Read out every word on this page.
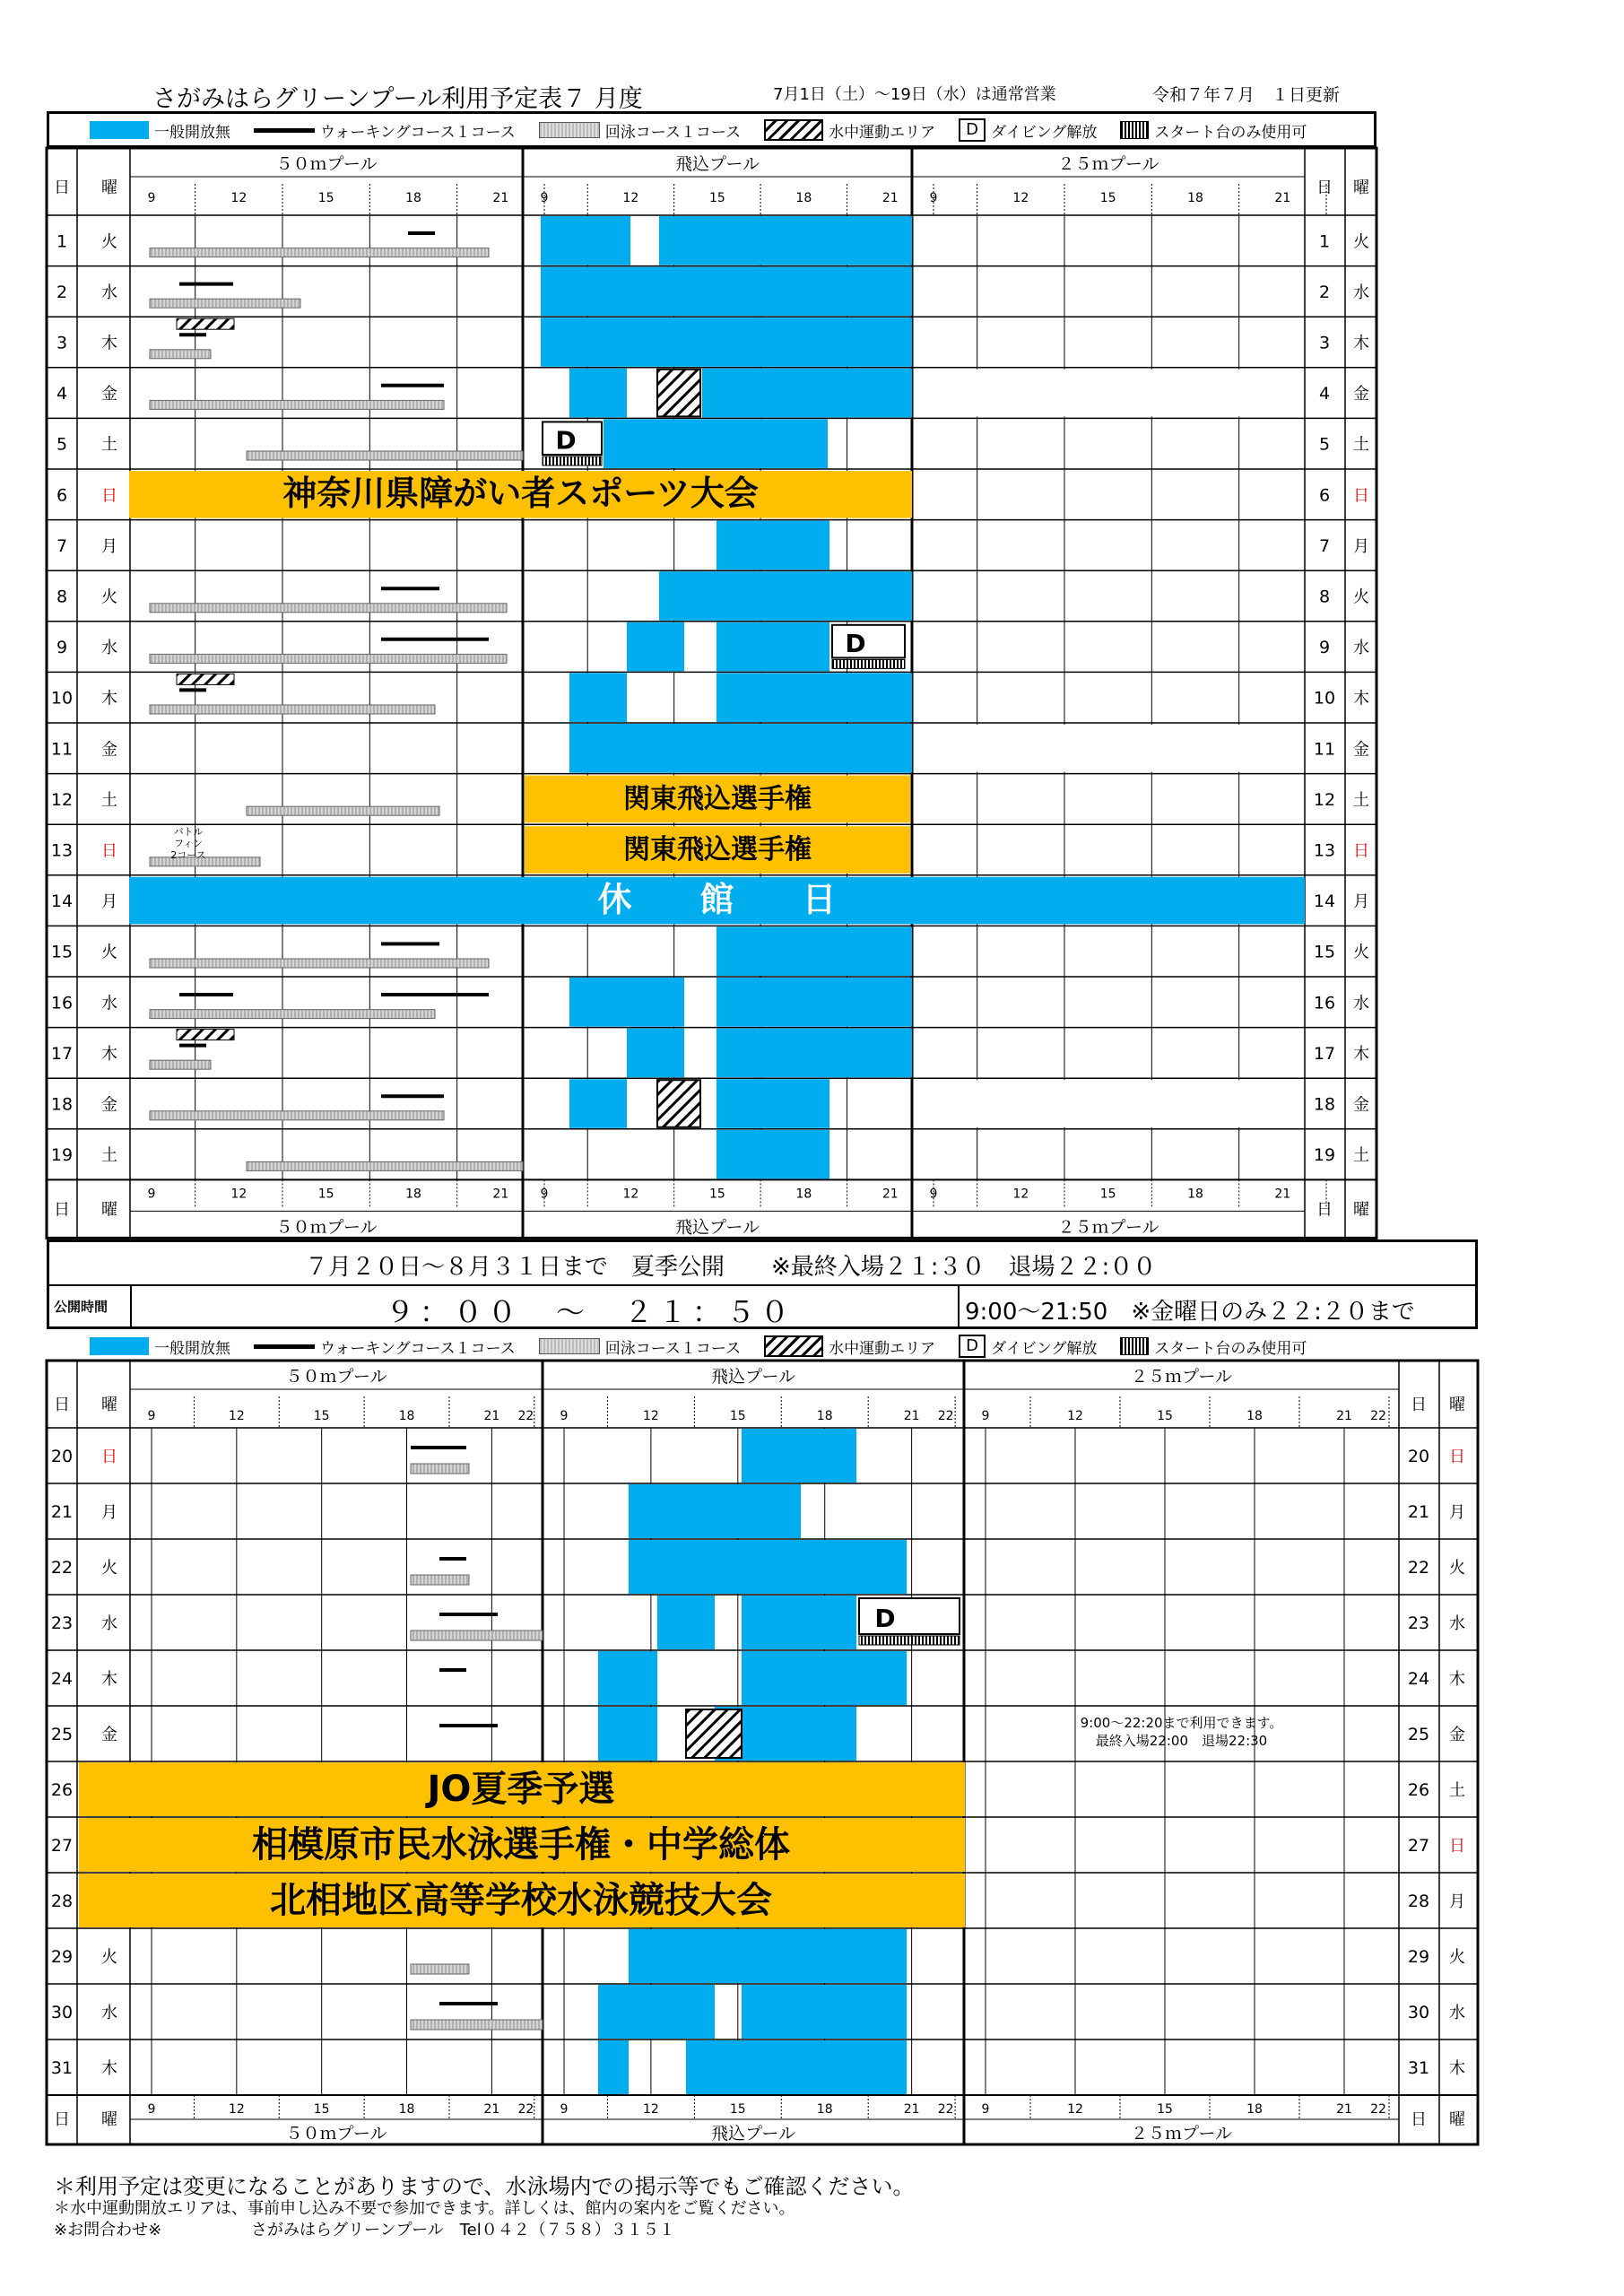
さがみはらグリーンプール利用予定表７ 月度	7月1日（土）～19日（水）は通常営業	令和７年７月　１日更新
一般開放無	ウォーキングコース１コース	回泳コース１コース	水中運動エリア	D ダイビング解放	スタート台のみ使用可
５０ｍプール
５０ｍプール
飛込プール
飛込プール
２５ｍプール
２５ｍプール
日
日
曜
曜
日
日
曜
曜
9
9
12
12
15
15
18
18
21
21
9
9
12
12
15
15
18
18
21
21
9
9
12
12
15
15
18
18
21
21
1 火	1 火
2 水	2 水
3 木	3 木
4 金	4 金
5 土	5 土
6 日	6 日
7 月	7 月
8 火	8 火
9 水	9 水
10 木	10 木
11 金	11 金
12 土	12 土
13 日	13 日
14 月	14 月
15 火	15 火
16 水	16 水
17 木	17 木
18 金	18 金
19 土	19 土
D
D
神奈川県障がい者スポーツ大会
関東飛込選手権
関東飛込選手権
休　　館　　日
バトル
フィン
2コース
７月２０日～８月３１日まで　夏季公開　　※最終入場２１:３０　退場２２:００
公開時間	９：００　～　２１：５０	9:00～21:50　※金曜日のみ２２:２０まで
一般開放無	ウォーキングコース１コース	回泳コース１コース	水中運動エリア	D ダイビング解放	スタート台のみ使用可
５０ｍプール
５０ｍプール
飛込プール
飛込プール
２５ｍプール
２５ｍプール
日
日
曜
曜
日
日
曜
曜
9
9
12
12
15
15
18
18
21
21
22
22
9
9
12
12
15
15
18
18
21
21
22
22
9
9
12
12
15
15
18
18
21
21
22
22
20 日	20 日
21 月	21 月
22 火	22 火
23 水	23 水
24 木	24 木
25 金	25 金
26	26 土
27	27 日
28	28 月
29 火	29 火
30 水	30 水
31 木	31 木
D
9:00～22:20まで利用できます。
最終入場22:00　退場22:30
JO夏季予選
相模原市民水泳選手権・中学総体
北相地区高等学校水泳競技大会
＊利用予定は変更になることがありますので、水泳場内での掲示等でもご確認ください。
＊水中運動開放エリアは、事前申し込み不要で参加できます。詳しくは、館内の案内をご覧ください。
※お問合わせ※	さがみはらグリーンプール　Tel０４２（７５８）３１５１
